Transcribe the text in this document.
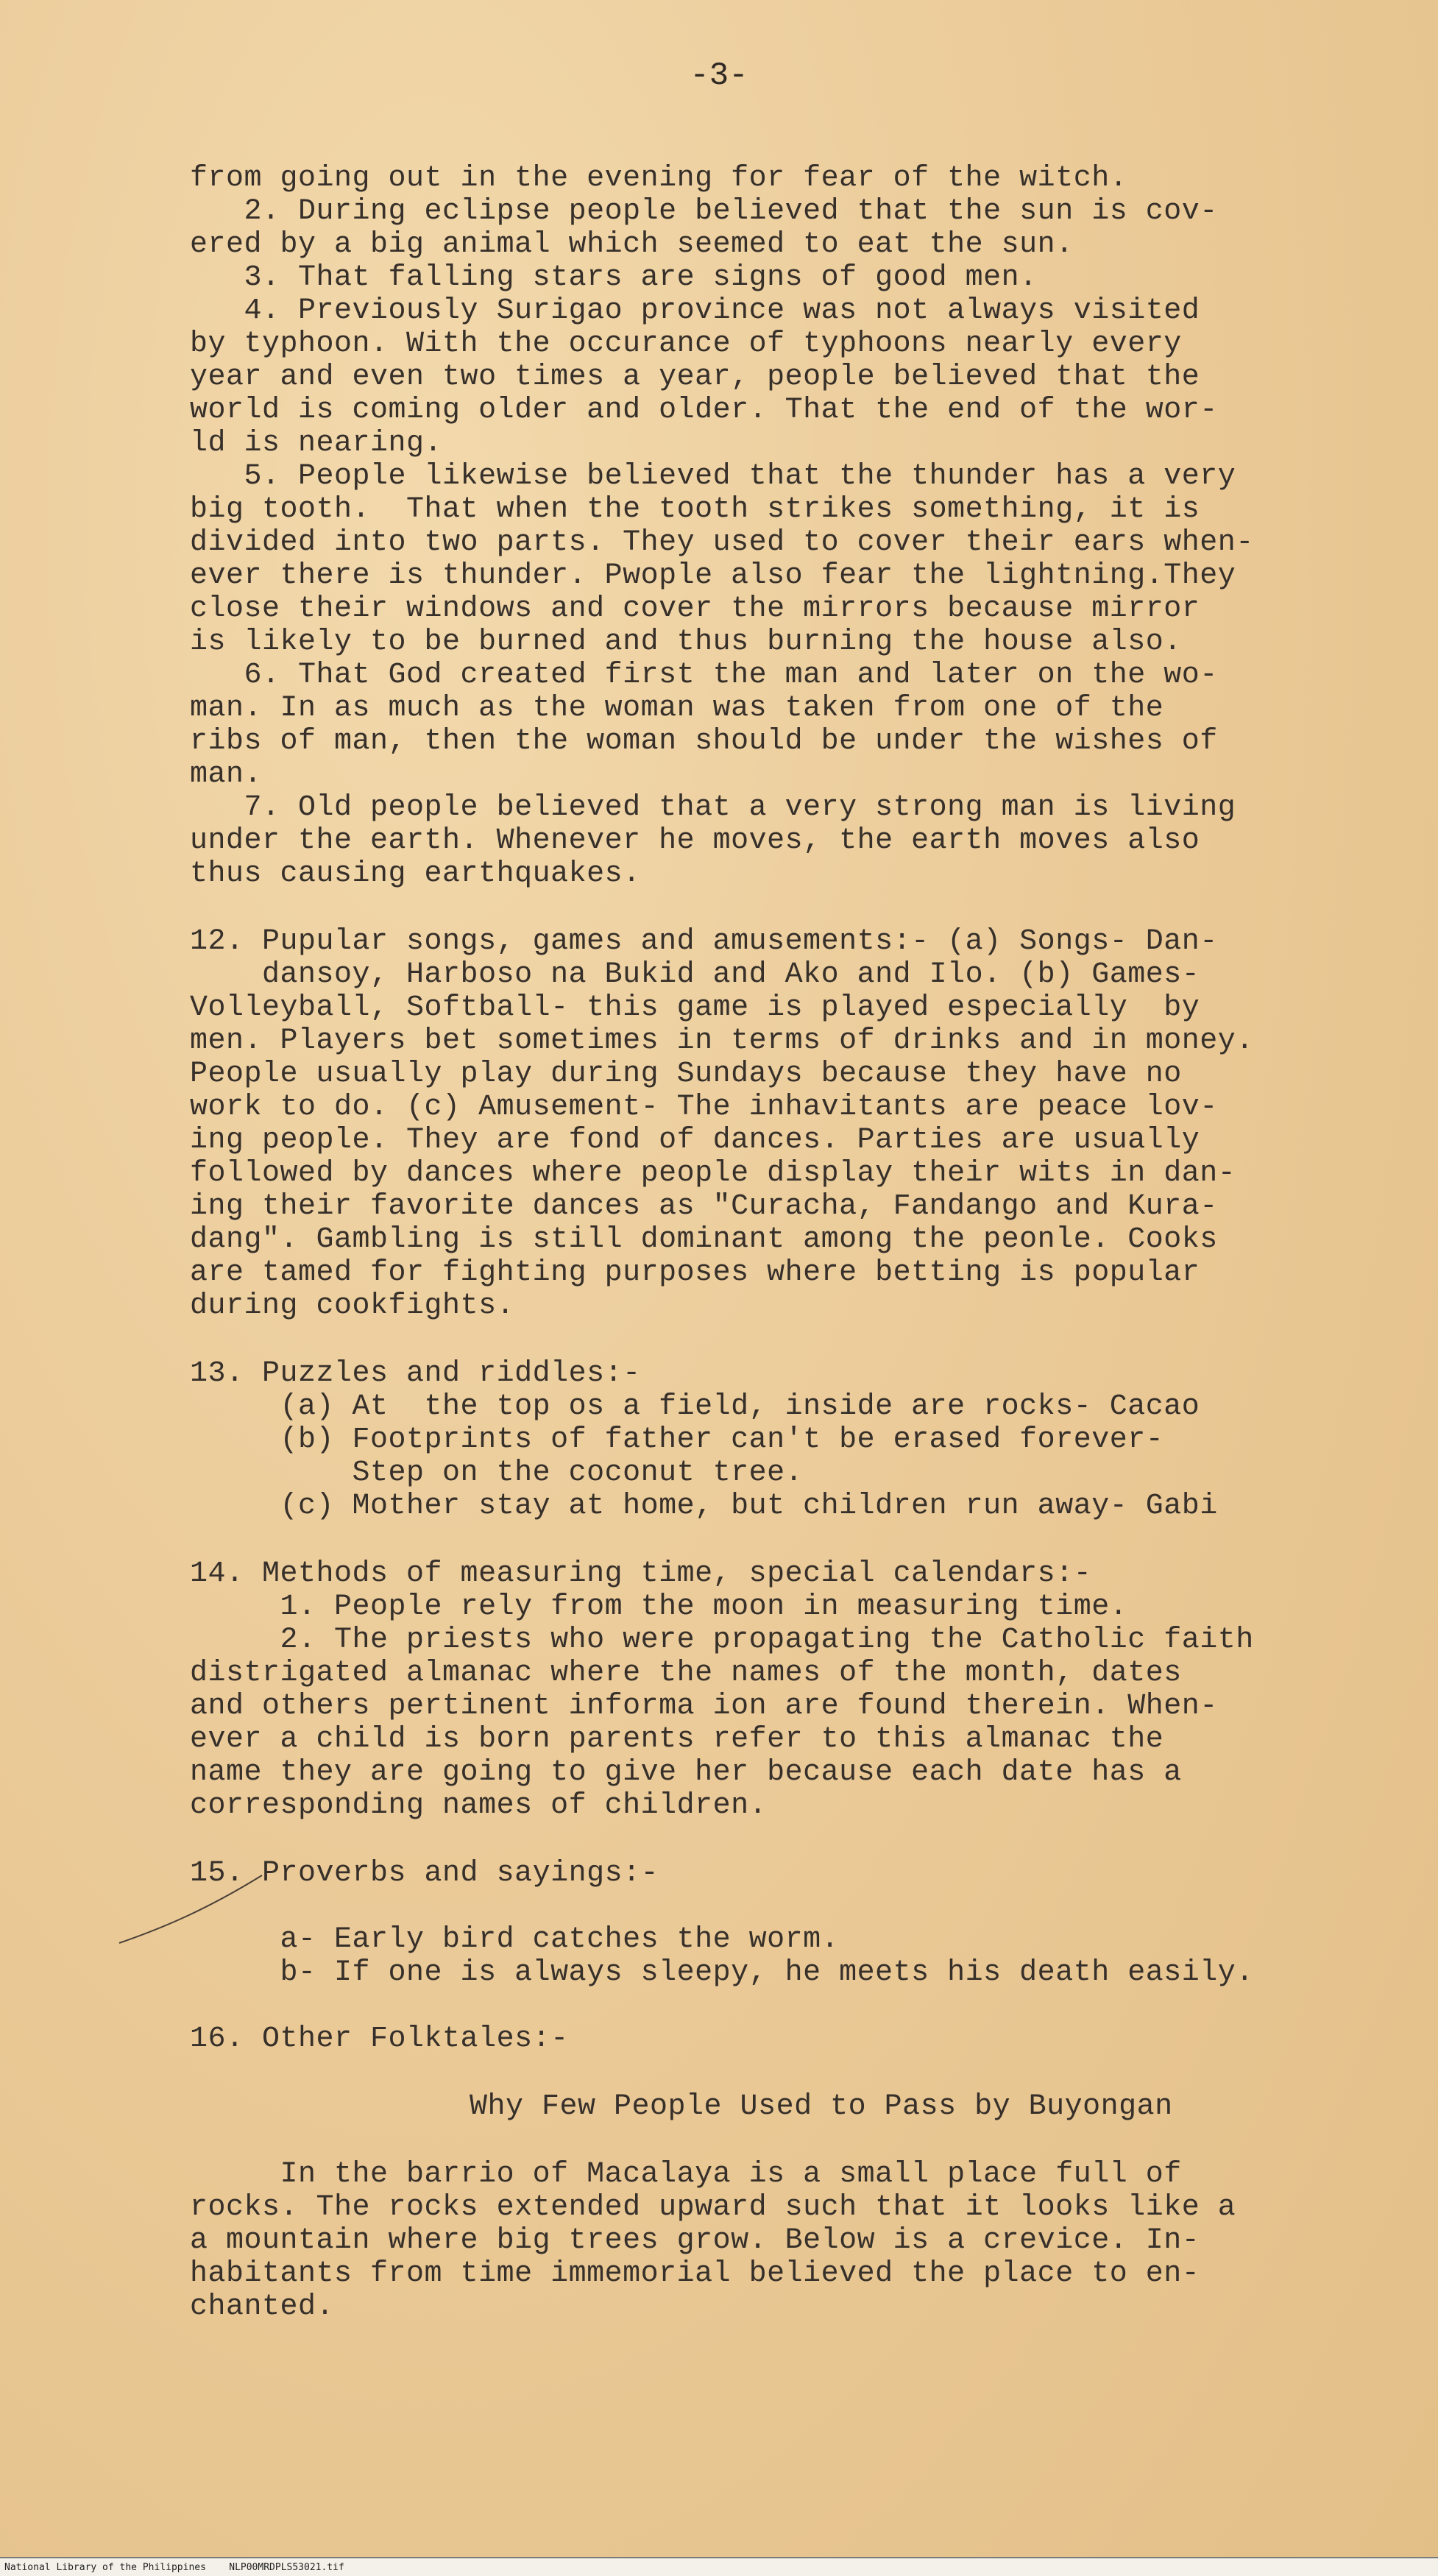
-3-
from going out in the evening for fear of the witch.
2. During eclipse people believed that the sun is cov-
ered by a big animal which seemed to eat the sun.
3. That falling stars are signs of good men.
4. Previously Surigao province was not always visited
by typhoon. With the occurance of typhoons nearly every
year and even two times a year, people believed that the
world is coming older and older. That the end of the wor-
ld is nearing.
5. People likewise believed that the thunder has a very
big tooth.  That when the tooth strikes something, it is
divided into two parts. They used to cover their ears when-
ever there is thunder. Pwople also fear the lightning.They
close their windows and cover the mirrors because mirror
is likely to be burned and thus burning the house also.
6. That God created first the man and later on the wo-
man. In as much as the woman was taken from one of the
ribs of man, then the woman should be under the wishes of
man.
7. Old people believed that a very strong man is living
under the earth. Whenever he moves, the earth moves also
thus causing earthquakes.
12. Pupular songs, games and amusements:- (a) Songs- Dan-
dansoy, Harboso na Bukid and Ako and Ilo. (b) Games-
Volleyball, Softball- this game is played especially  by
men. Players bet sometimes in terms of drinks and in money.
People usually play during Sundays because they have no
work to do. (c) Amusement- The inhavitants are peace lov-
ing people. They are fond of dances. Parties are usually
followed by dances where people display their wits in dan-
ing their favorite dances as "Curacha, Fandango and Kura-
dang". Gambling is still dominant among the peonle. Cooks
are tamed for fighting purposes where betting is popular
during cookfights.
13. Puzzles and riddles:-
(a) At  the top os a field, inside are rocks- Cacao
(b) Footprints of father can't be erased forever-
Step on the coconut tree.
(c) Mother stay at home, but children run away- Gabi
14. Methods of measuring time, special calendars:-
1. People rely from the moon in measuring time.
2. The priests who were propagating the Catholic faith
distrigated almanac where the names of the month, dates
and others pertinent informa ion are found therein. When-
ever a child is born parents refer to this almanac the
name they are going to give her because each date has a
corresponding names of children.
15. Proverbs and sayings:-
a- Early bird catches the worm.
b- If one is always sleepy, he meets his death easily.
16. Other Folktales:-
Why Few People Used to Pass by Buyongan
In the barrio of Macalaya is a small place full of
rocks. The rocks extended upward such that it looks like a
a mountain where big trees grow. Below is a crevice. In-
habitants from time immemorial believed the place to en-
chanted.
National Library of the Philippines NLP00MRDPLS53021.tif
